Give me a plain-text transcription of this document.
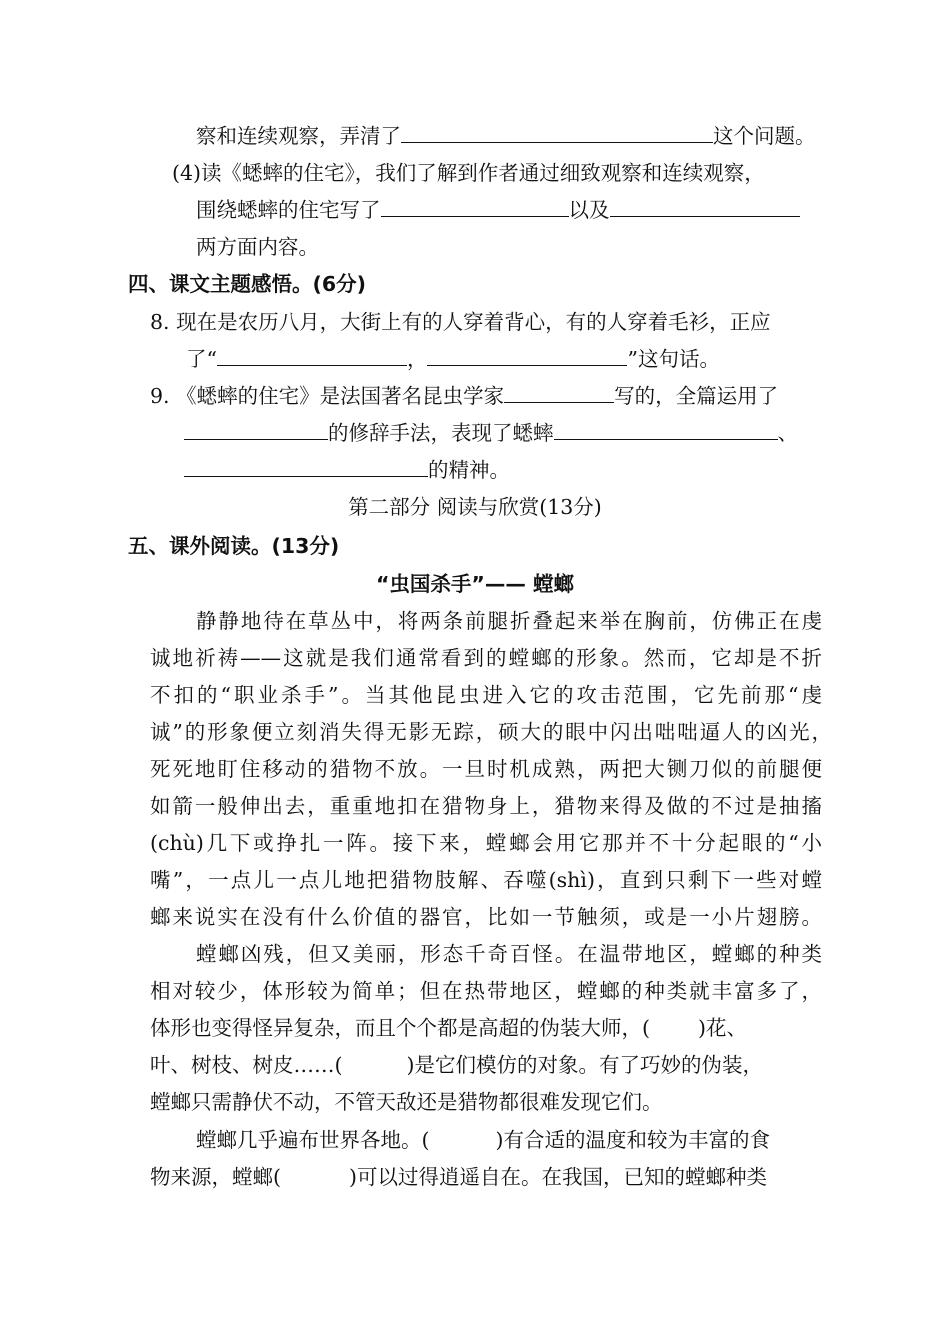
察和连续观察，弄清了	这个问题。
(4)读《蟋蟀的住宅》，我们了解到作者通过细致观察和连续观察，
围绕蟋蟀的住宅写了	以及
两方面内容。
四、课文主题感悟。(6分)
8. 现在是农历八月，大街上有的人穿着背心，有的人穿着毛衫，正应
了“	，	”这句话。
9. 《蟋蟀的住宅》是法国著名昆虫学家	写的，全篇运用了
的修辞手法，表现了蟋蟀	、
的精神。
第二部分 阅读与欣赏(13分)
五、课外阅读。(13分)
“虫国杀手”—— 螳螂
静静地待在草丛中，将两条前腿折叠起来举在胸前，仿佛正在虔
诚地祈祷——这就是我们通常看到的螳螂的形象。然而，它却是不折
不扣的“职业杀手”。当其他昆虫进入它的攻击范围，它先前那“虔
诚”的形象便立刻消失得无影无踪，硕大的眼中闪出咄咄逼人的凶光，
死死地盯住移动的猎物不放。一旦时机成熟，两把大铡刀似的前腿便
如箭一般伸出去，重重地扣在猎物身上，猎物来得及做的不过是抽搐
(chù)几下或挣扎一阵。接下来，螳螂会用它那并不十分起眼的“小
嘴”，一点儿一点儿地把猎物肢解、吞噬(shì)，直到只剩下一些对螳
螂来说实在没有什么价值的器官，比如一节触须，或是一小片翅膀。
螳螂凶残，但又美丽，形态千奇百怪。在温带地区，螳螂的种类
相对较少，体形较为简单；但在热带地区，螳螂的种类就丰富多了，
体形也变得怪异复杂，而且个个都是高超的伪装大师，( )花、
叶、树枝、树皮……(	)是它们模仿的对象。有了巧妙的伪装，
螳螂只需静伏不动，不管天敌还是猎物都很难发现它们。
螳螂几乎遍布世界各地。(	)有合适的温度和较为丰富的食
物来源，螳螂(	)可以过得逍遥自在。在我国，已知的螳螂种类
